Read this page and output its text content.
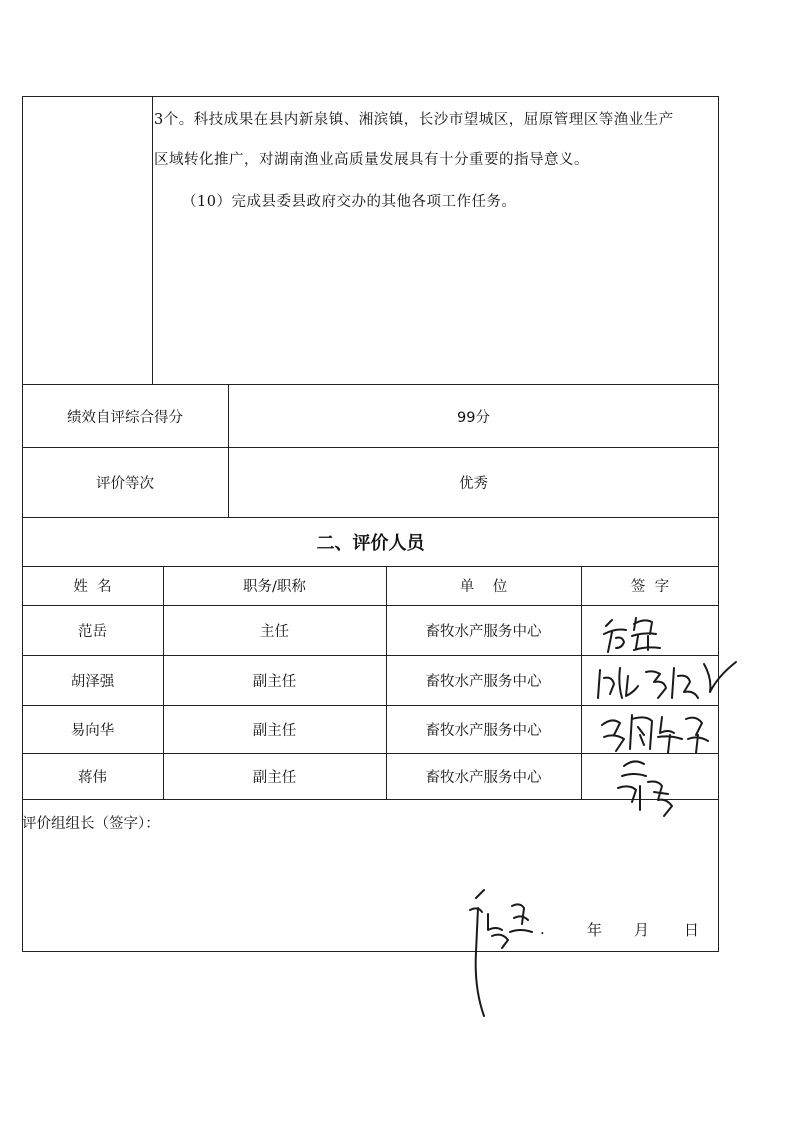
3个。科技成果在县内新泉镇、湘滨镇，长沙市望城区，屈原管理区等渔业生产
区域转化推广，对湖南渔业高质量发展具有十分重要的指导意义。
（10）完成县委县政府交办的其他各项工作任务。
绩效自评综合得分	99分
评价等次	优秀
二、评价人员
姓  名	职务/职称	单    位	签  字
范岳	主任	畜牧水产服务中心
胡泽强	副主任	畜牧水产服务中心
易向华	副主任	畜牧水产服务中心
蒋伟	副主任	畜牧水产服务中心
评价组组长（签字）：
.	年 月 日
